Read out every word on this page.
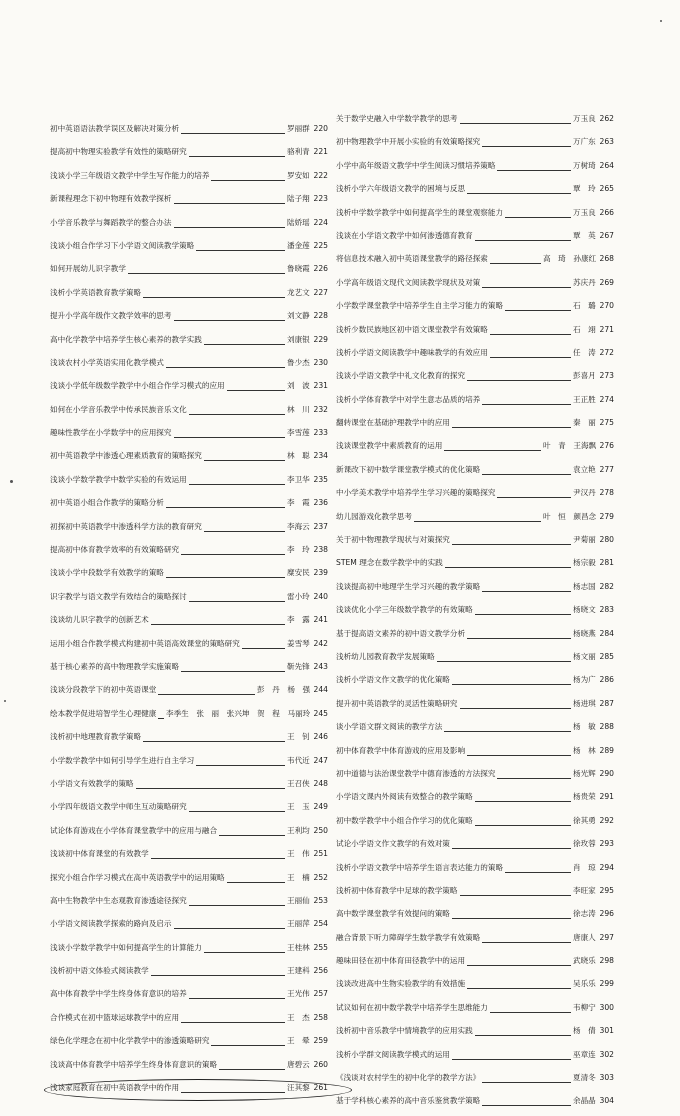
初中英语语法教学误区及解决对策分析	罗丽群 220
提高初中物理实验教学有效性的策略研究	骆利青 221
浅谈小学三年级语文教学中学生写作能力的培养	罗安如 222
新课程理念下初中物理有效教学探析	陆子翔 223
小学音乐教学与舞蹈教学的整合办法	陆娇瑶 224
浅谈小组合作学习下小学语文阅读教学策略	潘金莲 225
如何开展幼儿识字教学	鲁晓霞 226
浅析小学英语教育教学策略	龙艺文 227
提升小学高年级作文教学效率的思考	刘文静 228
高中化学教学中培养学生核心素养的教学实践	刘康银 229
浅谈农村小学英语实用化教学模式	鲁少杰 230
浅谈小学低年级数学教学中小组合作学习模式的应用	刘　波 231
如何在小学音乐教学中传承民族音乐文化	林　川 232
趣味性教学在小学数学中的应用探究	李雪莲 233
初中英语教学中渗透心理素质教育的策略探究	林　聪 234
浅谈小学数学教学中数学实验的有效运用	李卫华 235
初中英语小组合作教学的策略分析	李　霞 236
初探初中英语教学中渗透科学方法的教育研究	李海云 237
提高初中体育教学效率的有效策略研究	李　玲 238
浅谈小学中段数学有效教学的策略	糜安民 239
识字教学与语文教学有效结合的策略探讨	雷小玲 240
浅谈幼儿识字教学的创新艺术	李　露 241
运用小组合作教学模式构建初中英语高效课堂的策略研究	姜雪琴 242
基于核心素养的高中物理教学实施策略	靳先锋 243
浅谈分段教学下的初中英语课堂	彭　丹　杨　强 244
绘本教学促进培智学生心理健康 李季生　张　丽　张兴坤　贺　程　马丽玲 245
浅析初中地理教育教学策略	王　钊 246
小学数学教学中如何引导学生进行自主学习	韦代近 247
小学语文有效教学的策略	王召侠 248
小学四年级语文教学中师生互动策略研究	王　玉 249
试论体育游戏在小学体育课堂教学中的应用与融合	王利均 250
浅谈初中体育课堂的有效教学	王　伟 251
探究小组合作学习模式在高中英语教学中的运用策略	王　楠 252
高中生物教学中生态观教育渗透途径探究	王丽仙 253
小学语文阅读教学探索的路向及启示	王丽萍 254
浅谈小学数学教学中如何提高学生的计算能力	王桂林 255
浅析初中语文体验式阅读教学	王建科 256
高中体育教学中学生终身体育意识的培养	王光伟 257
合作模式在初中篮球运球教学中的应用	王　杰 258
绿色化学理念在初中化学教学中的渗透策略研究	王　晕 259
浅谈高中体育教学中培养学生终身体育意识的策略	唐碧云 260
浅谈家庭教育在初中英语教学中的作用	汪其黎 261
关于数学史融入中学数学教学的思考	万玉良 262
初中物理教学中开展小实验的有效策略探究	万广东 263
小学中高年级语文教学中学生阅读习惯培养策略	万树琦 264
浅析小学六年级语文教学的困境与反思	覃　玲 265
浅析中学数学教学中如何提高学生的课堂观察能力	万玉良 266
浅谈在小学语文教学中如何渗透德育教育	覃　英 267
将信息技术融入初中英语课堂教学的路径探索	高　琦　孙康红 268
小学高年级语文现代文阅读教学现状及对策	苏庆丹 269
小学数学课堂教学中培养学生自主学习能力的策略	石　璐 270
浅析少数民族地区初中语文课堂教学有效策略	石　翊 271
浅析小学语文阅读教学中趣味教学的有效应用	任　涛 272
浅谈小学语文教学中礼文化教育的探究	彭喜月 273
浅析小学体育教学中对学生意志品质的培养	王正胜 274
翻转课堂在基础护理教学中的应用	秦　丽 275
浅谈课堂教学中素质教育的运用	叶　青　王海飘 276
新课改下初中数学课堂教学模式的优化策略	袁立艳 277
中小学美术教学中培养学生学习兴趣的策略探究	尹汉丹 278
幼儿园游戏化教学思考	叶　恒　颜昌念 279
关于初中物理教学现状与对策探究	尹菊丽 280
STEM 理念在数学教学中的实践	杨宗毅 281
浅谈提高初中地理学生学习兴趣的教学策略	杨志国 282
浅谈优化小学三年级数学教学的有效策略	杨晓文 283
基于提高语文素养的初中语文教学分析	杨晓燕 284
浅析幼儿园教育教学发展策略	杨文丽 285
浅析小学语文作文教学的优化策略	杨为广 286
提升初中英语教学的灵活性策略研究	杨进琪 287
谈小学语文群文阅读的教学方法	杨　敏 288
初中体育教学中体育游戏的应用及影响	杨　林 289
初中道德与法治课堂教学中德育渗透的方法探究	杨光辉 290
小学语文课内外阅读有效整合的教学策略	杨贵荣 291
初中数学教学中小组合作学习的优化策略	徐其勇 292
试论小学语文作文教学的有效对策	徐玫蓉 293
浅析小学语文教学中培养学生语言表达能力的策略	肖　琼 294
浅析初中体育教学中足球的教学策略	李旺家 295
高中数学课堂教学有效提问的策略	徐志涛 296
融合背景下听力障碍学生数学教学有效策略	唐康人 297
趣味田径在初中体育田径教学中的运用	武晓乐 298
浅谈改进高中生物实验教学的有效措施	吴乐乐 299
试议如何在初中数学教学中培养学生思维能力	韦柳宁 300
浅析初中音乐教学中情境教学的应用实践	杨　倩 301
浅析小学群文阅读教学模式的运用	巫章连 302
《浅谈对农村学生的初中化学的教学方法》	夏清冬 303
基于学科核心素养的高中音乐鉴赏教学策略	余晶晶 304
